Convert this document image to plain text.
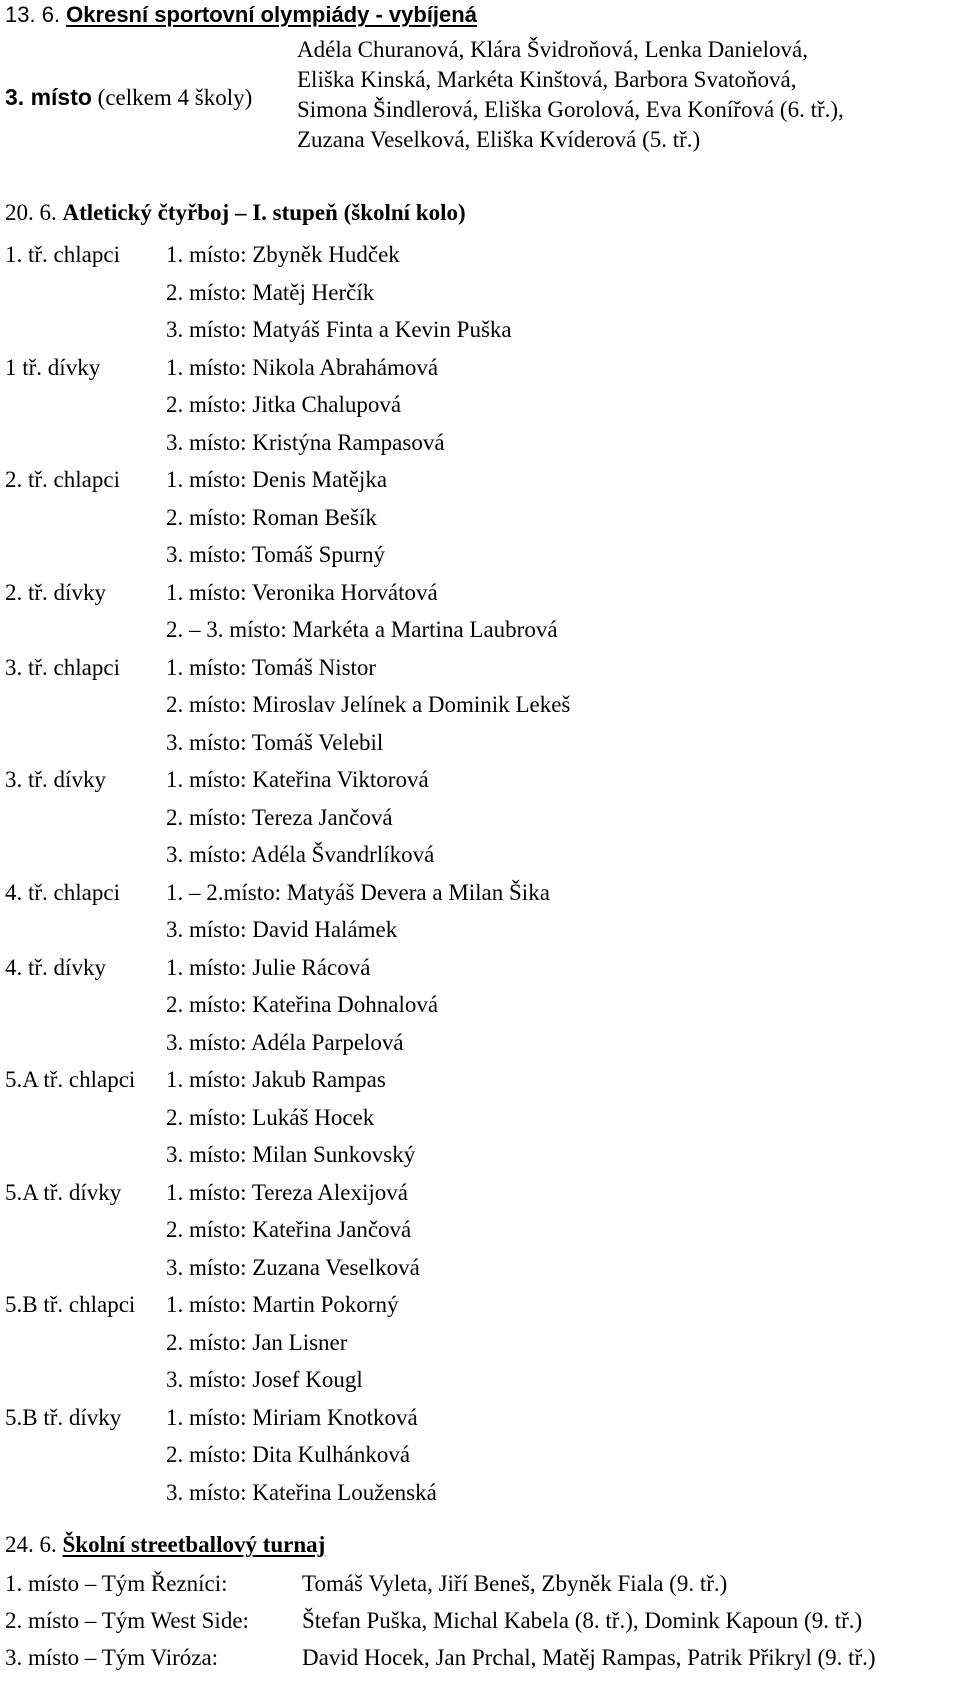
13. 6. Okresní sportovní olympiády - vybíjená
3. místo (celkem 4 školy)
Adéla Churanová, Klára Švidroňová, Lenka Danielová,
Eliška Kinská, Markéta Kinštová, Barbora Svatoňová,
Simona Šindlerová, Eliška Gorolová, Eva Konířová (6. tř.),
Zuzana Veselková, Eliška Kvíderová (5. tř.)
20. 6. Atletický čtyřboj – I. stupeň (školní kolo)
1. tř. chlapci 1. místo: Zbyněk Hudček
2. místo: Matěj Herčík
3. místo: Matyáš Finta a Kevin Puška
1 tř. dívky	1. místo: Nikola Abrahámová
2. místo: Jitka Chalupová
3. místo: Kristýna Rampasová
2. tř. chlapci 1. místo: Denis Matějka
2. místo: Roman Bešík
3. místo: Tomáš Spurný
2. tř. dívky	1. místo: Veronika Horvátová
2. – 3. místo: Markéta a Martina Laubrová
3. tř. chlapci 1. místo: Tomáš Nistor
2. místo: Miroslav Jelínek a Dominik Lekeš
3. místo: Tomáš Velebil
3. tř. dívky	1. místo: Kateřina Viktorová
2. místo: Tereza Jančová
3. místo: Adéla Švandrlíková
4. tř. chlapci 1. – 2.místo: Matyáš Devera a Milan Šika
3. místo: David Halámek
4. tř. dívky	1. místo: Julie Rácová
2. místo: Kateřina Dohnalová
3. místo: Adéla Parpelová
5.A tř. chlapci 1. místo: Jakub Rampas
2. místo: Lukáš Hocek
3. místo: Milan Sunkovský
5.A tř. dívky 1. místo: Tereza Alexijová
2. místo: Kateřina Jančová
3. místo: Zuzana Veselková
5.B tř. chlapci 1. místo: Martin Pokorný
2. místo: Jan Lisner
3. místo: Josef Kougl
5.B tř. dívky 1. místo: Miriam Knotková
2. místo: Dita Kulhánková
3. místo: Kateřina Louženská
24. 6. Školní streetballový turnaj
1. místo – Tým Řezníci:	Tomáš Vyleta, Jiří Beneš, Zbyněk Fiala (9. tř.)
2. místo – Tým West Side: Štefan Puška, Michal Kabela (8. tř.), Domink Kapoun (9. tř.)
3. místo – Tým Viróza:	David Hocek, Jan Prchal, Matěj Rampas, Patrik Přikryl (9. tř.)
